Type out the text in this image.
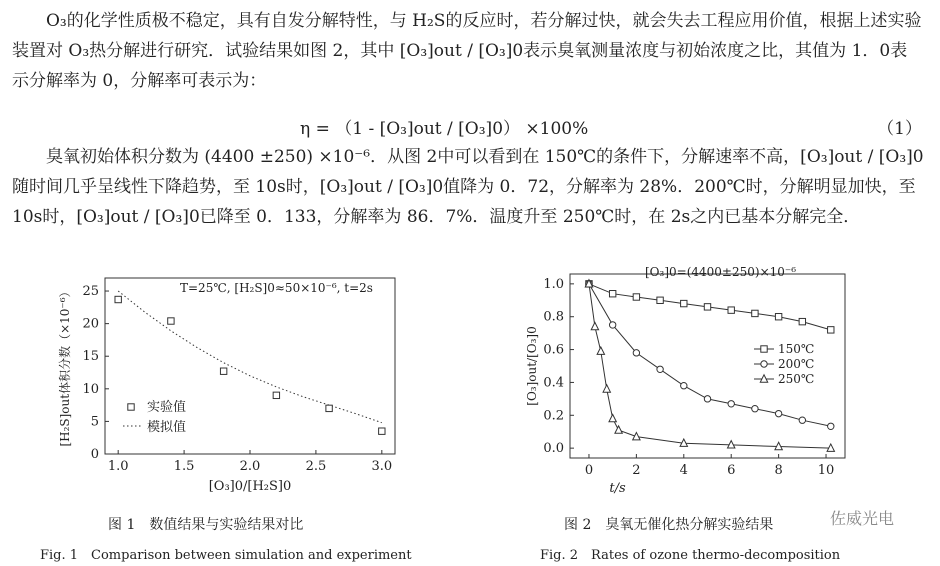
O₃的化学性质极不稳定，具有自发分解特性，与 H₂S的反应时，若分解过快，就会失去工程应用价值，根据上述实验装置对 O₃热分解进行研究．试验结果如图 2，其中 [O₃]out / [O₃]0表示臭氧测量浓度与初始浓度之比，其值为 1．0表示分解率为 0，分解率可表示为：
η = （1 - [O₃]out / [O₃]0） ×100%	（1）
臭氧初始体积分数为 (4400 ±250) ×10⁻⁶．从图 2中可以看到在 150℃的条件下，分解速率不高，[O₃]out / [O₃]0随时间几乎呈线性下降趋势，至 10s时，[O₃]out / [O₃]0值降为 0．72，分解率为 28%．200℃时，分解明显加快，至 10s时，[O₃]out / [O₃]0已降至 0．133，分解率为 86．7%．温度升至 250℃时，在 2s之内已基本分解完全．
1.0	1.5	2.0	2.5	3.0
0
5
10
15
20
25
[O₃]0/[H₂S]0
[H₂S]out体积分数（×10⁻⁶）	T=25℃, [H₂S]0≈50×10⁻⁶, t=2s
实验值
模拟值
图 1　数值结果与实验结果对比
Fig. 1　Comparison between simulation and experiment
0	2	4	6	8	10
0.0
0.2
0.4
0.6
0.8
1.0
t/s
[O₃]out/[O₃]0
[O₃]0=(4400±250)×10⁻⁶
150℃
200℃
250℃
图 2　臭氧无催化热分解实验结果
Fig. 2　Rates of ozone thermo-decomposition
佐威光电
